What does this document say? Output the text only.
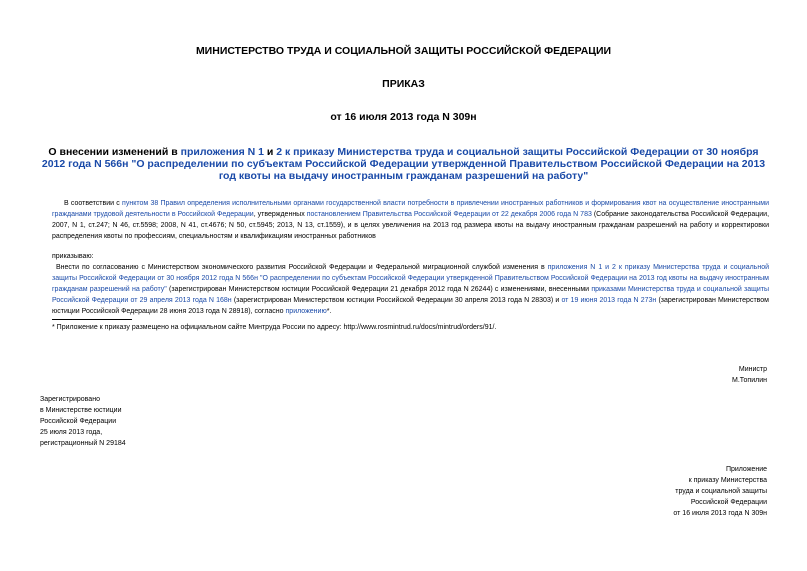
МИНИСТЕРСТВО ТРУДА И СОЦИАЛЬНОЙ ЗАЩИТЫ РОССИЙСКОЙ ФЕДЕРАЦИИ
ПРИКАЗ
от 16 июля 2013 года N 309н
О внесении изменений в приложения N 1 и 2 к приказу Министерства труда и социальной защиты Российской Федерации от 30 ноября 2012 года N 566н "О распределении по субъектам Российской Федерации утвержденной Правительством Российской Федерации на 2013 год квоты на выдачу иностранным гражданам разрешений на работу"
В соответствии с пунктом 38 Правил определения исполнительными органами государственной власти потребности в привлечении иностранных работников и формирования квот на осуществление иностранными гражданами трудовой деятельности в Российской Федерации, утвержденных постановлением Правительства Российской Федерации от 22 декабря 2006 года N 783 (Собрание законодательства Российской Федерации, 2007, N 1, ст.247; N 46, ст.5598; 2008, N 41, ст.4676; N 50, ст.5945; 2013, N 13, ст.1559), и в целях увеличения на 2013 год размера квоты на выдачу иностранным гражданам разрешений на работу и корректировки распределения квоты по профессиям, специальностям и квалификациям иностранных работников
приказываю:
Внести по согласованию с Министерством экономического развития Российской Федерации и Федеральной миграционной службой изменения в приложения N 1 и 2 к приказу Министерства труда и социальной защиты Российской Федерации от 30 ноября 2012 года N 566н "О распределении по субъектам Российской Федерации утвержденной Правительством Российской Федерации на 2013 год квоты на выдачу иностранным гражданам разрешений на работу" (зарегистрирован Министерством юстиции Российской Федерации 21 декабря 2012 года N 26244) с изменениями, внесенными приказами Министерства труда и социальной защиты Российской Федерации от 29 апреля 2013 года N 168н (зарегистрирован Министерством юстиции Российской Федерации 30 апреля 2013 года N 28303) и от 19 июня 2013 года N 273н (зарегистрирован Министерством юстиции Российской Федерации 28 июня 2013 года N 28918), согласно приложению*.
* Приложение к приказу размещено на официальном сайте Минтруда России по адресу: http://www.rosmintrud.ru/docs/mintrud/orders/91/.
Министр
М.Топилин
Зарегистрировано
в Министерстве юстиции
Российской Федерации
25 июля 2013 года,
регистрационный N 29184
Приложение
к приказу Министерства
труда и социальной защиты
Российской Федерации
от 16 июля 2013 года N 309н
